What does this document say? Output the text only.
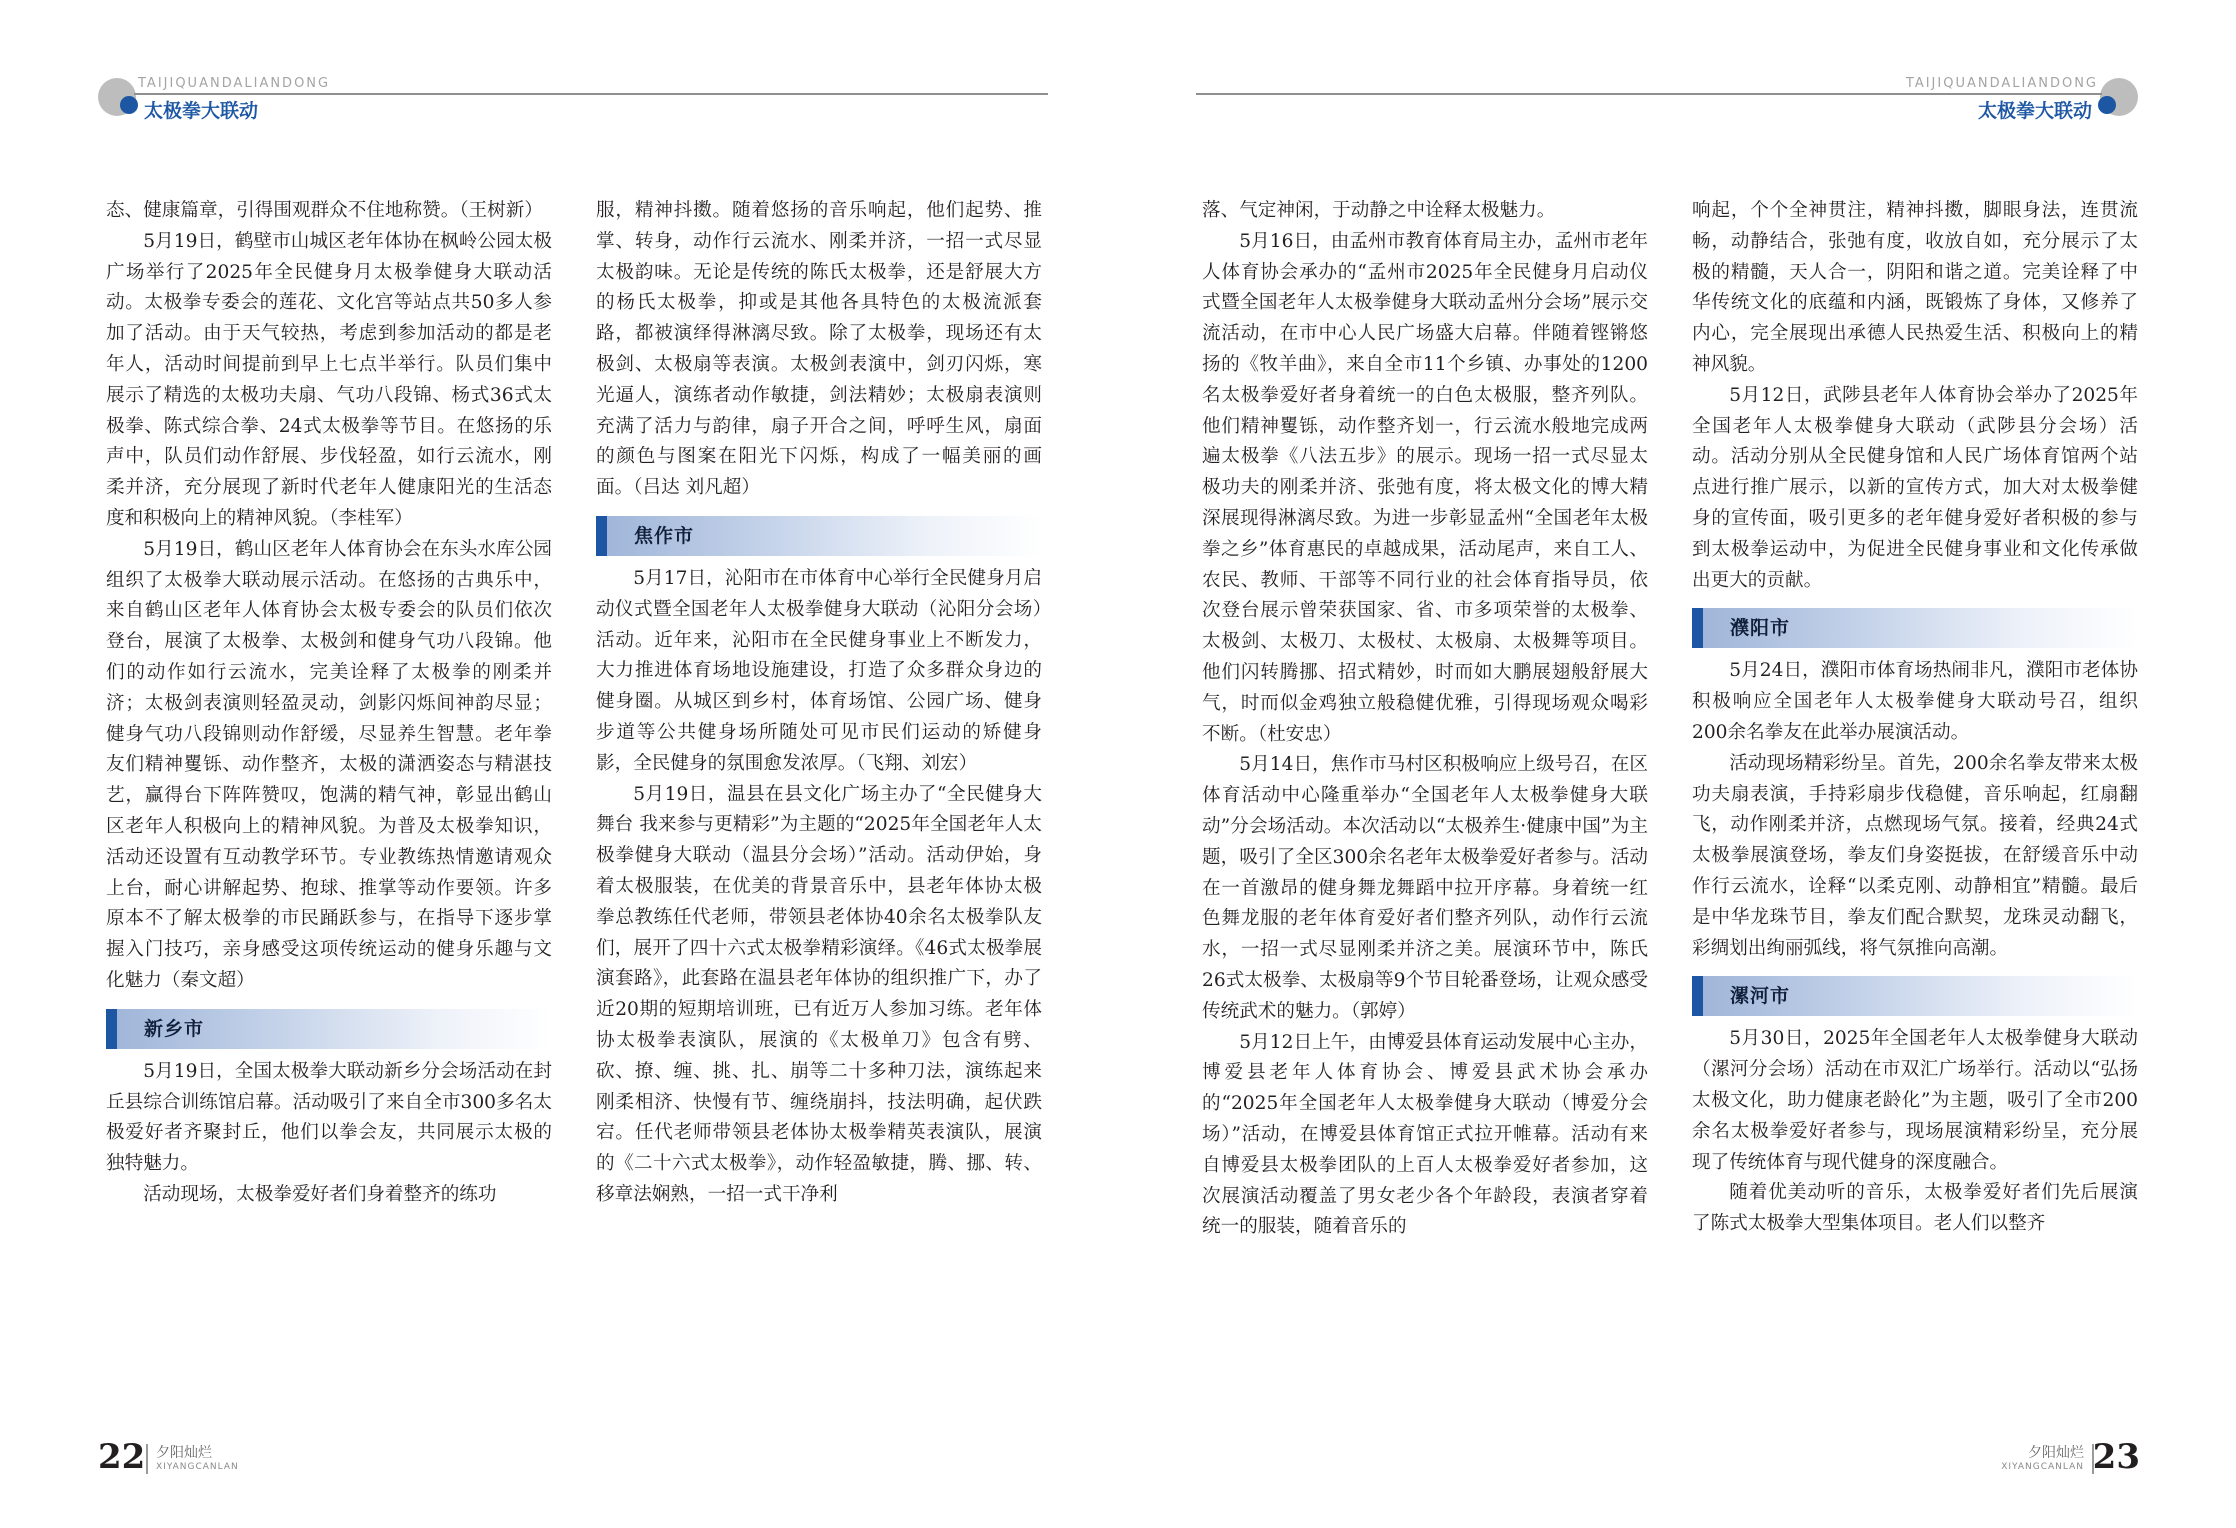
TAIJIQUANDALIANDONG
太极拳大联动
TAIJIQUANDALIANDONG
太极拳大联动

态、健康篇章，引得围观群众不住地称赞。（王树新）

5月19日，鹤壁市山城区老年体协在枫岭公园太极广场举行了2025年全民健身月太极拳健身大联动活动。太极拳专委会的莲花、文化宫等站点共50多人参加了活动。由于天气较热，考虑到参加活动的都是老年人，活动时间提前到早上七点半举行。队员们集中展示了精选的太极功夫扇、气功八段锦、杨式36式太极拳、陈式综合拳、24式太极拳等节目。在悠扬的乐声中，队员们动作舒展、步伐轻盈，如行云流水，刚柔并济，充分展现了新时代老年人健康阳光的生活态度和积极向上的精神风貌。（李桂军）

5月19日，鹤山区老年人体育协会在东头水库公园组织了太极拳大联动展示活动。在悠扬的古典乐中，来自鹤山区老年人体育协会太极专委会的队员们依次登台，展演了太极拳、太极剑和健身气功八段锦。他们的动作如行云流水，完美诠释了太极拳的刚柔并济；太极剑表演则轻盈灵动，剑影闪烁间神韵尽显；健身气功八段锦则动作舒缓，尽显养生智慧。老年拳友们精神矍铄、动作整齐，太极的潇洒姿态与精湛技艺，赢得台下阵阵赞叹，饱满的精气神，彰显出鹤山区老年人积极向上的精神风貌。为普及太极拳知识，活动还设置有互动教学环节。专业教练热情邀请观众上台，耐心讲解起势、抱球、推掌等动作要领。许多原本不了解太极拳的市民踊跃参与，在指导下逐步掌握入门技巧，亲身感受这项传统运动的健身乐趣与文化魅力（秦文超）

新乡市

5月19日，全国太极拳大联动新乡分会场活动在封丘县综合训练馆启幕。活动吸引了来自全市300多名太极爱好者齐聚封丘，他们以拳会友，共同展示太极的独特魅力。

活动现场，太极拳爱好者们身着整齐的练功

服，精神抖擞。随着悠扬的音乐响起，他们起势、推掌、转身，动作行云流水、刚柔并济，一招一式尽显太极韵味。无论是传统的陈氏太极拳，还是舒展大方的杨氏太极拳，抑或是其他各具特色的太极流派套路，都被演绎得淋漓尽致。除了太极拳，现场还有太极剑、太极扇等表演。太极剑表演中，剑刃闪烁，寒光逼人，演练者动作敏捷，剑法精妙；太极扇表演则充满了活力与韵律，扇子开合之间，呼呼生风，扇面的颜色与图案在阳光下闪烁，构成了一幅美丽的画面。（吕达 刘凡超）

焦作市

5月17日，沁阳市在市体育中心举行全民健身月启动仪式暨全国老年人太极拳健身大联动（沁阳分会场）活动。近年来，沁阳市在全民健身事业上不断发力，大力推进体育场地设施建设，打造了众多群众身边的健身圈。从城区到乡村，体育场馆、公园广场、健身步道等公共健身场所随处可见市民们运动的矫健身影，全民健身的氛围愈发浓厚。（飞翔、刘宏）

5月19日，温县在县文化广场主办了“全民健身大舞台 我来参与更精彩”为主题的“2025年全国老年人太极拳健身大联动（温县分会场）”活动。活动伊始，身着太极服装，在优美的背景音乐中，县老年体协太极拳总教练任代老师，带领县老体协40余名太极拳队友们，展开了四十六式太极拳精彩演绎。《46式太极拳展演套路》，此套路在温县老年体协的组织推广下，办了近20期的短期培训班，已有近万人参加习练。老年体协太极拳表演队，展演的《太极单刀》包含有劈、砍、撩、缠、挑、扎、崩等二十多种刀法，演练起来刚柔相济、快慢有节、缠绕崩抖，技法明确，起伏跌宕。任代老师带领县老体协太极拳精英表演队，展演的《二十六式太极拳》，动作轻盈敏捷，腾、挪、转、移章法娴熟，一招一式干净利

落、气定神闲，于动静之中诠释太极魅力。

5月16日，由孟州市教育体育局主办，孟州市老年人体育协会承办的“孟州市2025年全民健身月启动仪式暨全国老年人太极拳健身大联动孟州分会场”展示交流活动，在市中心人民广场盛大启幕。伴随着铿锵悠扬的《牧羊曲》，来自全市11个乡镇、办事处的1200名太极拳爱好者身着统一的白色太极服，整齐列队。他们精神矍铄，动作整齐划一，行云流水般地完成两遍太极拳《八法五步》的展示。现场一招一式尽显太极功夫的刚柔并济、张弛有度，将太极文化的博大精深展现得淋漓尽致。为进一步彰显孟州“全国老年太极拳之乡”体育惠民的卓越成果，活动尾声，来自工人、农民、教师、干部等不同行业的社会体育指导员，依次登台展示曾荣获国家、省、市多项荣誉的太极拳、太极剑、太极刀、太极杖、太极扇、太极舞等项目。他们闪转腾挪、招式精妙，时而如大鹏展翅般舒展大气，时而似金鸡独立般稳健优雅，引得现场观众喝彩不断。（杜安忠）

5月14日，焦作市马村区积极响应上级号召，在区体育活动中心隆重举办“全国老年人太极拳健身大联动”分会场活动。本次活动以“太极养生·健康中国”为主题，吸引了全区300余名老年太极拳爱好者参与。活动在一首激昂的健身舞龙舞蹈中拉开序幕。身着统一红色舞龙服的老年体育爱好者们整齐列队，动作行云流水，一招一式尽显刚柔并济之美。展演环节中，陈氏26式太极拳、太极扇等9个节目轮番登场，让观众感受传统武术的魅力。（郭婷）

5月12日上午，由博爱县体育运动发展中心主办，博爱县老年人体育协会、博爱县武术协会承办的“2025年全国老年人太极拳健身大联动（博爱分会场）”活动，在博爱县体育馆正式拉开帷幕。活动有来自博爱县太极拳团队的上百人太极拳爱好者参加，这次展演活动覆盖了男女老少各个年龄段，表演者穿着统一的服装，随着音乐的

响起，个个全神贯注，精神抖擞，脚眼身法，连贯流畅，动静结合，张弛有度，收放自如，充分展示了太极的精髓，天人合一，阴阳和谐之道。完美诠释了中华传统文化的底蕴和内涵，既锻炼了身体，又修养了内心，完全展现出承德人民热爱生活、积极向上的精神风貌。

5月12日，武陟县老年人体育协会举办了2025年全国老年人太极拳健身大联动（武陟县分会场）活动。活动分别从全民健身馆和人民广场体育馆两个站点进行推广展示，以新的宣传方式，加大对太极拳健身的宣传面，吸引更多的老年健身爱好者积极的参与到太极拳运动中，为促进全民健身事业和文化传承做出更大的贡献。

濮阳市

5月24日，濮阳市体育场热闹非凡，濮阳市老体协积极响应全国老年人太极拳健身大联动号召，组织 200余名拳友在此举办展演活动。

活动现场精彩纷呈。首先，200余名拳友带来太极功夫扇表演，手持彩扇步伐稳健，音乐响起，红扇翻飞，动作刚柔并济，点燃现场气氛。接着，经典24式太极拳展演登场，拳友们身姿挺拔，在舒缓音乐中动作行云流水，诠释“以柔克刚、动静相宜”精髓。最后是中华龙珠节目，拳友们配合默契，龙珠灵动翻飞，彩绸划出绚丽弧线，将气氛推向高潮。

漯河市

5月30日，2025年全国老年人太极拳健身大联动（漯河分会场）活动在市双汇广场举行。活动以“弘扬太极文化，助力健康老龄化”为主题，吸引了全市200余名太极拳爱好者参与，现场展演精彩纷呈，充分展现了传统体育与现代健身的深度融合。

随着优美动听的音乐，太极拳爱好者们先后展演了陈式太极拳大型集体项目。老人们以整齐

22 夕阳灿烂
XIYANGCANLAN
夕阳灿烂
XIYANGCANLAN 23
